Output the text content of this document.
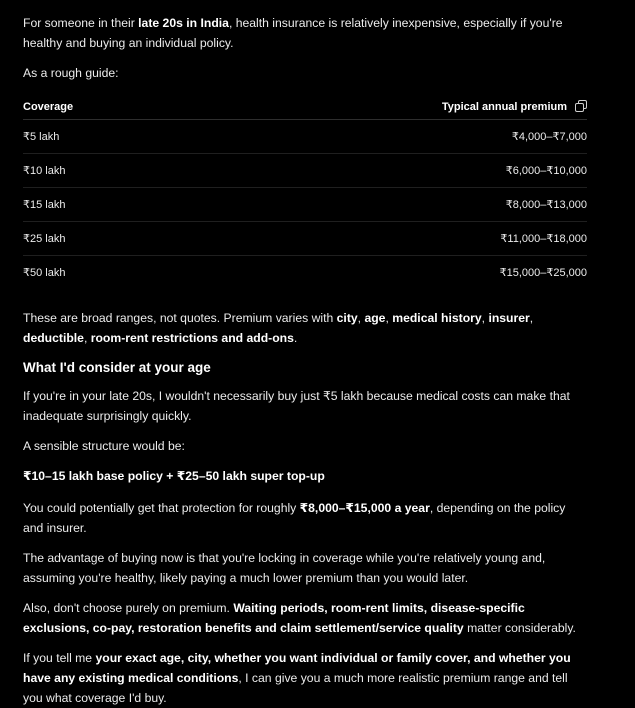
For someone in their late 20s in India, health insurance is relatively inexpensive, especially if you're healthy and buying an individual policy.

As a rough guide:

Coverage	Typical annual premium
₹5 lakh	₹4,000–₹7,000
₹10 lakh	₹6,000–₹10,000
₹15 lakh	₹8,000–₹13,000
₹25 lakh	₹11,000–₹18,000
₹50 lakh	₹15,000–₹25,000

These are broad ranges, not quotes. Premium varies with city, age, medical history, insurer, deductible, room-rent restrictions and add-ons.

What I'd consider at your age

If you're in your late 20s, I wouldn't necessarily buy just ₹5 lakh because medical costs can make that inadequate surprisingly quickly.

A sensible structure would be:

₹10–15 lakh base policy + ₹25–50 lakh super top-up

You could potentially get that protection for roughly ₹8,000–₹15,000 a year, depending on the policy and insurer.

The advantage of buying now is that you're locking in coverage while you're relatively young and, assuming you're healthy, likely paying a much lower premium than you would later.

Also, don't choose purely on premium. Waiting periods, room-rent limits, disease-specific exclusions, co-pay, restoration benefits and claim settlement/service quality matter considerably.

If you tell me your exact age, city, whether you want individual or family cover, and whether you have any existing medical conditions, I can give you a much more realistic premium range and tell you what coverage I'd buy.
